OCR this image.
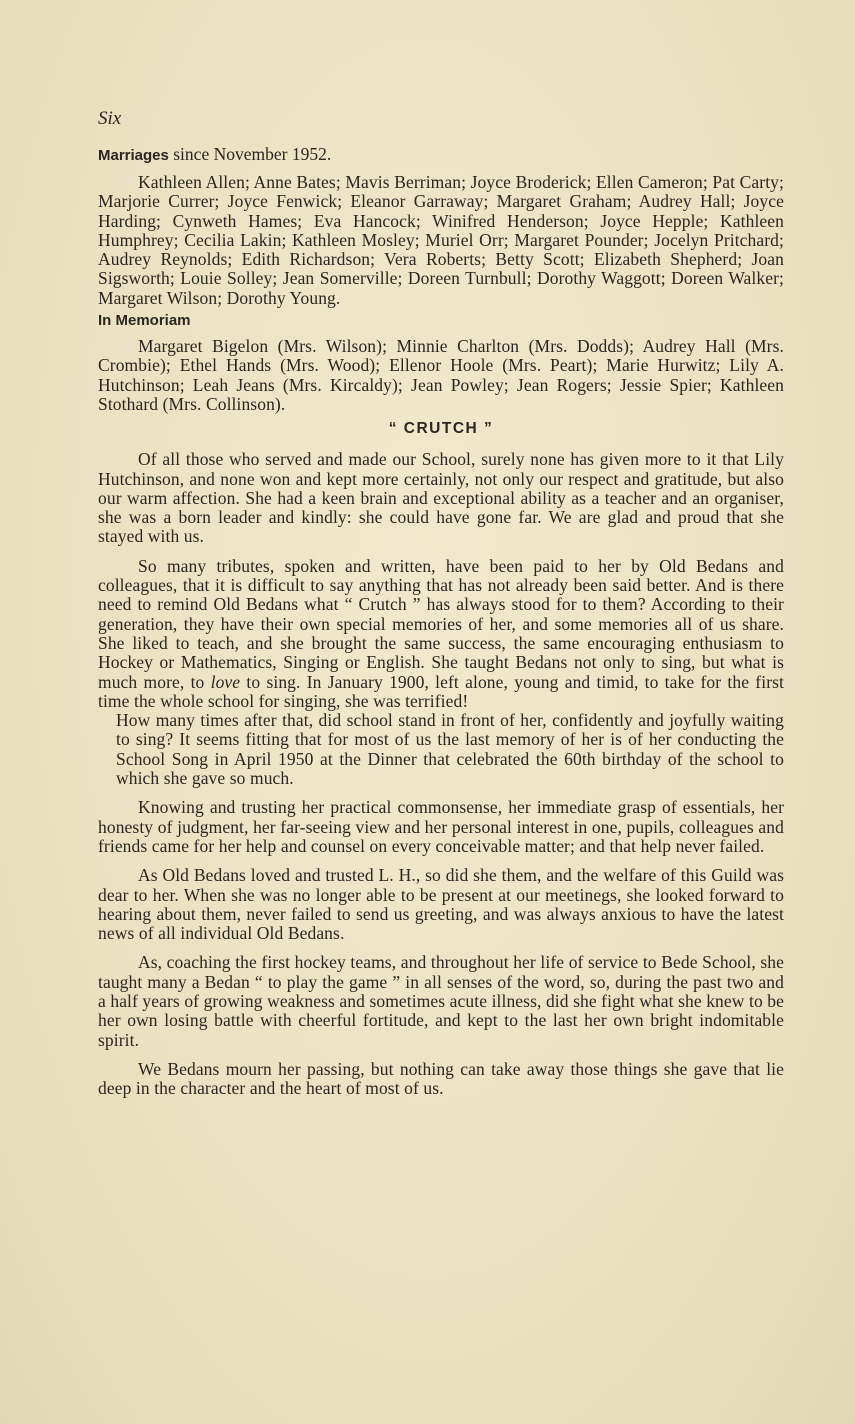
Six
Marriages since November 1952.

Kathleen Allen; Anne Bates; Mavis Berriman; Joyce Broderick; Ellen Cameron; Pat Carty; Marjorie Currer; Joyce Fenwick; Eleanor Garraway; Margaret Graham; Audrey Hall; Joyce Harding; Cynweth Hames; Eva Hancock; Winifred Henderson; Joyce Hepple; Kathleen Humphrey; Cecilia Lakin; Kathleen Mosley; Muriel Orr; Margaret Pounder; Jocelyn Pritchard; Audrey Reynolds; Edith Richardson; Vera Roberts; Betty Scott; Elizabeth Shepherd; Joan Sigsworth; Louie Solley; Jean Somerville; Doreen Turnbull; Dorothy Waggott; Doreen Walker; Margaret Wilson; Dorothy Young.

In Memoriam

Margaret Bigelon (Mrs. Wilson); Minnie Charlton (Mrs. Dodds); Audrey Hall (Mrs. Crombie); Ethel Hands (Mrs. Wood); Ellenor Hoole (Mrs. Peart); Marie Hurwitz; Lily A. Hutchinson; Leah Jeans (Mrs. Kircaldy); Jean Powley; Jean Rogers; Jessie Spier; Kathleen Stothard (Mrs. Collinson).

“ CRUTCH ”

Of all those who served and made our School, surely none has given more to it that Lily Hutchinson, and none won and kept more certainly, not only our respect and gratitude, but also our warm affection. She had a keen brain and exceptional ability as a teacher and an organiser, she was a born leader and kindly: she could have gone far. We are glad and proud that she stayed with us.

So many tributes, spoken and written, have been paid to her by Old Bedans and colleagues, that it is difficult to say anything that has not already been said better. And is there need to remind Old Bedans what “ Crutch ” has always stood for to them? According to their generation, they have their own special memories of her, and some memories all of us share. She liked to teach, and she brought the same success, the same encouraging enthusiasm to Hockey or Mathematics, Singing or English. She taught Bedans not only to sing, but what is much more, to love to sing. In January 1900, left alone, young and timid, to take for the first time the whole school for singing, she was terrified!

How many times after that, did school stand in front of her, confidently and joyfully waiting to sing? It seems fitting that for most of us the last memory of her is of her conducting the School Song in April 1950 at the Dinner that celebrated the 60th birthday of the school to which she gave so much.

Knowing and trusting her practical commonsense, her immediate grasp of essentials, her honesty of judgment, her far-seeing view and her personal interest in one, pupils, colleagues and friends came for her help and counsel on every conceivable matter; and that help never failed.

As Old Bedans loved and trusted L. H., so did she them, and the welfare of this Guild was dear to her. When she was no longer able to be present at our meetinegs, she looked forward to hearing about them, never failed to send us greeting, and was always anxious to have the latest news of all individual Old Bedans.

As, coaching the first hockey teams, and throughout her life of service to Bede School, she taught many a Bedan “ to play the game ” in all senses of the word, so, during the past two and a half years of growing weakness and sometimes acute illness, did she fight what she knew to be her own losing battle with cheerful fortitude, and kept to the last her own bright indomitable spirit.

We Bedans mourn her passing, but nothing can take away those things she gave that lie deep in the character and the heart of most of us.
